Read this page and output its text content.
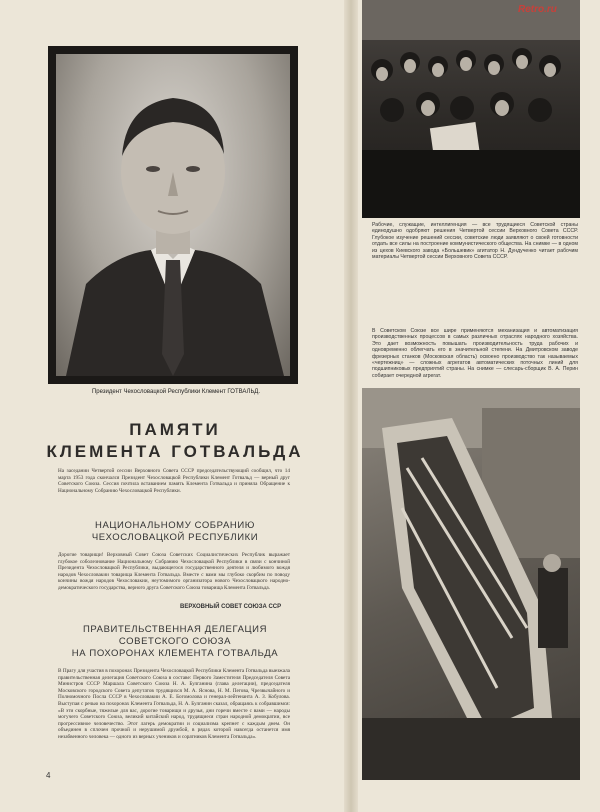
Президент Чехословацкой Республики Клемент ГОТВАЛЬД.
ПАМЯТИ
КЛЕМЕНТА ГОТВАЛЬДА
На заседании Четвертой сессии Верховного Совета СССР председательствующий сообщил, что 14 марта 1953 года скончался Президент Чехословацкой Республики Клемент Готвальд — верный друг Советского Союза. Сессия почтила вставанием память Клемента Готвальда и приняла Обращение к Национальному Собранию Чехословацкой Республики.
НАЦИОНАЛЬНОМУ СОБРАНИЮ
ЧЕХОСЛОВАЦКОЙ РЕСПУБЛИКИ
Дорогие товарищи! Верховный Совет Союза Советских Социалистических Республик выражает глубокое соболезнование Национальному Собранию Чехословацкой Республики в связи с кончиной Президента Чехословацкой Республики, выдающегося государственного деятеля и любимого вождя народов Чехословакии товарища Клемента Готвальда. Вместе с вами мы глубоко скорбим по поводу кончины вождя народов Чехословакии, неутомимого организатора нового Чехословацкого народно-демократического государства, верного друга Советского Союза товарища Клемента Готвальда.
ВЕРХОВНЫЙ СОВЕТ СОЮЗА ССР
ПРАВИТЕЛЬСТВЕННАЯ ДЕЛЕГАЦИЯ
СОВЕТСКОГО СОЮЗА
НА ПОХОРОНАХ КЛЕМЕНТА ГОТВАЛЬДА
В Прагу для участия в похоронах Президента Чехословацкой Республики Клемента Готвальда выезжала правительственная делегация Советского Союза в составе: Первого Заместителя Председателя Совета Министров СССР Маршала Советского Союза Н. А. Булганина (глава делегации), председателя Московского городского Совета депутатов трудящихся М. А. Яснова, Н. М. Пегова, Чрезвычайного и Полномочного Посла СССР в Чехословакии А. Е. Богомолова и генерал-лейтенанта А. З. Кобулова. Выступая с речью на похоронах Клемента Готвальда, Н. А. Булганин сказал, обращаясь к собравшимся: «В эти скорбные, тяжелые для вас, дорогие товарищи и друзья, дни горечи вместе с вами — народы могучего Советского Союза, великий китайский народ, трудящиеся стран народной демократии, все прогрессивное человечество. Этот лагерь демократии и социализма крепнет с каждым днем. Он объединен в сплочен прочной и нерушимой дружбой, в рядах которой навсегда останется имя незабвенного человека — одного из верных учеников и соратников Клемента Готвальда».
4
Retro.ru
Рабочие, служащие, интеллигенция — все трудящиеся Советской страны единодушно одобряют решения Четвертой сессии Верховного Совета СССР. Глубокое изучение решений сессии, советские люди заявляют о своей готовности отдать все силы на построение коммунистического общества. На снимке — в одном из цехов Киевского завода «Большевик» агитатор Н. Дундученко читает рабочим материалы Четвертой сессии Верховного Совета СССР.
В Советском Союзе все шире применяются механизация и автоматизация производственных процессов в самых различных отраслях народного хозяйства. Это дает возможность повышать производительность труда рабочих и одновременно облегчать его в значительной степени. На Дмитровском заводе фрезерных станков (Московская область) освоено производство так называемых «чертежниц» — сложных агрегатов автоматических поточных линий для подшипниковых предприятий страны. На снимке — слесарь-сборщик В. А. Перин собирает очередной агрегат.
